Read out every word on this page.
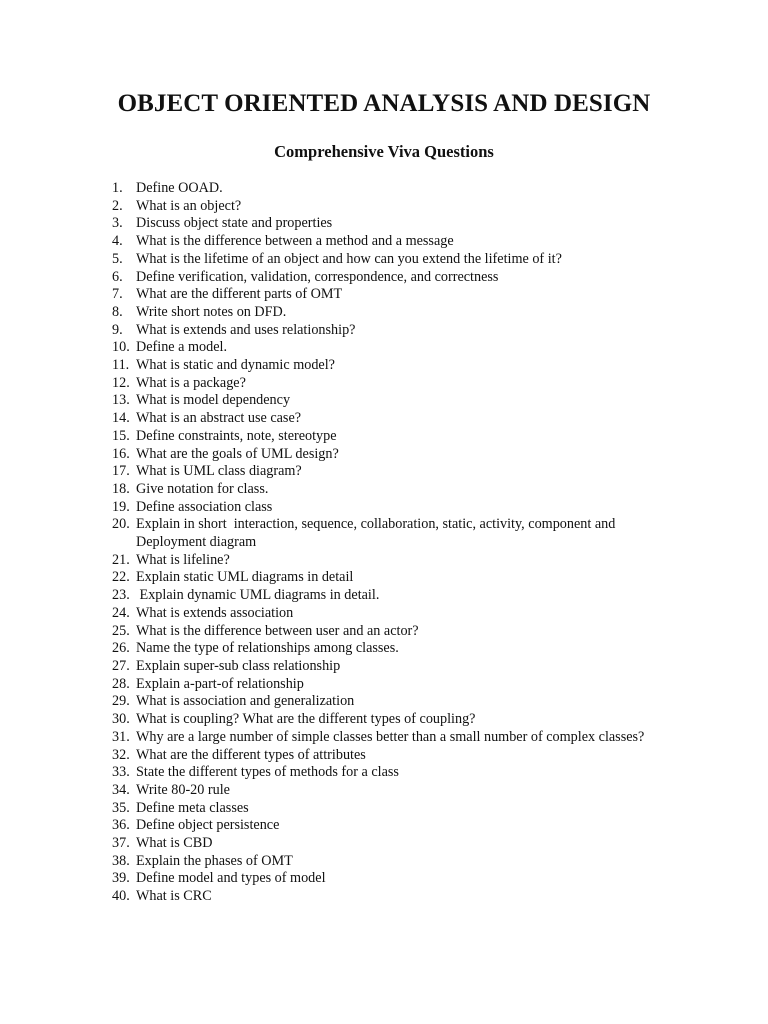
OBJECT ORIENTED ANALYSIS AND DESIGN
Comprehensive Viva Questions
1. Define OOAD.
2. What is an object?
3. Discuss object state and properties
4. What is the difference between a method and a message
5. What is the lifetime of an object and how can you extend the lifetime of it?
6. Define verification, validation, correspondence, and correctness
7. What are the different parts of OMT
8. Write short notes on DFD.
9. What is extends and uses relationship?
10. Define a model.
11. What is static and dynamic model?
12. What is a package?
13. What is model dependency
14. What is an abstract use case?
15. Define constraints, note, stereotype
16. What are the goals of UML design?
17. What is UML class diagram?
18. Give notation for class.
19. Define association class
20. Explain in short  interaction, sequence, collaboration, static, activity, component and
Deployment diagram
21. What is lifeline?
22. Explain static UML diagrams in detail
23. Explain dynamic UML diagrams in detail.
24. What is extends association
25. What is the difference between user and an actor?
26. Name the type of relationships among classes.
27. Explain super-sub class relationship
28. Explain a-part-of relationship
29. What is association and generalization
30. What is coupling? What are the different types of coupling?
31. Why are a large number of simple classes better than a small number of complex classes?
32. What are the different types of attributes
33. State the different types of methods for a class
34. Write 80-20 rule
35. Define meta classes
36. Define object persistence
37. What is CBD
38. Explain the phases of OMT
39. Define model and types of model
40. What is CRC
